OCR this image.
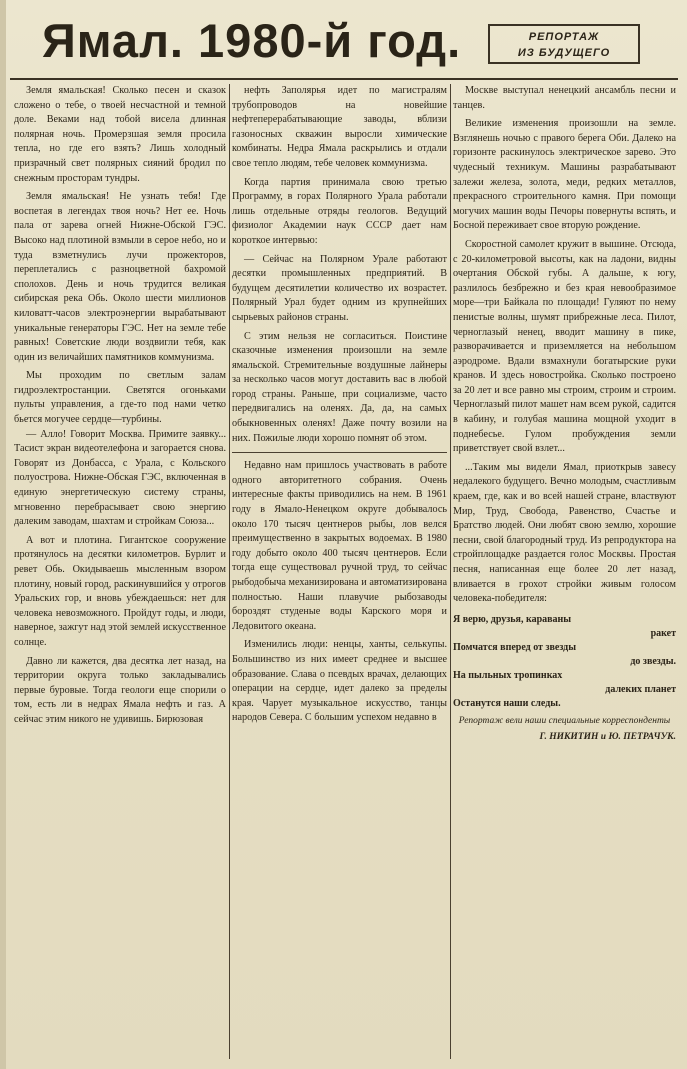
Ямал. 1980-й год.	РЕПОРТАЖ
ИЗ БУДУЩЕГО

Земля ямальская! Сколько песен и сказок сложено о тебе, о твоей несчастной и темной доле. Веками над тобой висела длинная полярная ночь. Промерзшая земля просила тепла, но где его взять? Лишь холодный призрачный свет полярных сияний бродил по снежным просторам тундры.

Земля ямальская! Не узнать тебя! Где воспетая в легендах твоя ночь? Нет ее. Ночь пала от зарева огней Нижне-Обской ГЭС. Высоко над плотиной взмыли в серое небо, но и туда взметнулись лучи прожекторов, переплетались с разноцветной бахромой сполохов. День и ночь трудится великая сибирская река Обь. Около шести миллионов киловатт-часов электроэнергии вырабатывают уникальные генераторы ГЭС. Нет на земле тебе равных! Советские люди воздвигли тебя, как один из величайших памятников коммунизма.

Мы проходим по светлым залам гидроэлектростанции. Светятся огоньками пульты управления, а где-то под нами четко бьется могучее сердце—турбины.

— Алло! Говорит Москва. Примите заявку... Тасист экран видеотелефона и загорается снова. Говорят из Донбасса, с Урала, с Кольского полуострова. Нижне-Обская ГЭС, включенная в единую энергетическую систему страны, мгновенно перебрасывает свою энергию далеким заводам, шахтам и стройкам Союза...

А вот и плотина. Гигантское сооружение протянулось на десятки километров. Бурлит и ревет Обь. Окидываешь мысленным взором плотину, новый город, раскинувшийся у отрогов Уральских гор, и вновь убеждаешься: нет для человека невозможного. Пройдут годы, и люди, наверное, зажгут над этой землей искусственное солнце.

Давно ли кажется, два десятка лет назад, на территории округа только закладывались первые буровые. Тогда геологи еще спорили о том, есть ли в недрах Ямала нефть и газ. А сейчас этим никого не удивишь. Бирюзовая

нефть Заполярья идет по магистралям трубопроводов на новейшие нефтеперерабатывающие заводы, вблизи газоносных скважин выросли химические комбинаты. Недра Ямала раскрылись и отдали свое тепло людям, тебе человек коммунизма.

Когда партия принимала свою третью Программу, в горах Полярного Урала работали лишь отдельные отряды геологов. Ведущий физиолог Академии наук СССР дает нам короткое интервью:

— Сейчас на Полярном Урале работают десятки промышленных предприятий. В будущем десятилетии количество их возрастет. Полярный Урал будет одним из крупнейших сырьевых районов страны.

С этим нельзя не согласиться. Поистине сказочные изменения произошли на земле ямальской. Стремительные воздушные лайнеры за несколько часов могут доставить вас в любой город страны. Раньше, при социализме, часто передвигались на оленях. Да, да, на самых обыкновенных оленях! Даже почту возили на них. Пожилые люди хорошо помнят об этом.

Недавно нам пришлось участвовать в работе одного авторитетного собрания. Очень интересные факты приводились на нем. В 1961 году в Ямало-Ненецком округе добывалось около 170 тысяч центнеров рыбы, лов велся преимущественно в закрытых водоемах. В 1980 году добыто около 400 тысяч центнеров. Если тогда еще существовал ручной труд, то сейчас рыбодобыча механизирована и автоматизирована полностью. Наши плавучие рыбозаводы бороздят студеные воды Карского моря и Ледовитого океана.

Изменились люди: ненцы, ханты, селькупы. Большинство из них имеет среднее и высшее образование. Слава о псевдых врачах, делающих операции на сердце, идет далеко за пределы края. Чарует музыкальное искусство, танцы народов Севера. С большим успехом недавно в

Москве выступал ненецкий ансамбль песни и танцев.

Великие изменения произошли на земле. Взглянешь ночью с правого берега Оби. Далеко на горизонте раскинулось электрическое зарево. Это чудесный техникум. Машины разрабатывают залежи железа, золота, меди, редких металлов, прекрасного строительного камня. При помощи могучих машин воды Печоры повернуты вспять, и Босной переживает свое вторую рождение.

Скоростной самолет кружит в вышине. Отсюда, с 20-километровой высоты, как на ладони, видны очертания Обской губы. А дальше, к югу, разлилось безбрежно и без края невообразимое море—три Байкала по площади! Гуляют по нему пенистые волны, шумят прибрежные леса. Пилот, черноглазый ненец, вводит машину в пике, разворачивается и приземляется на небольшом аэродроме. Вдали взмахнули богатырские руки кранов. И здесь новостройка. Сколько построено за 20 лет и все равно мы строим, строим и строим. Черноглазый пилот машет нам всем рукой, садится в кабину, и голубая машина мощной уходит в поднебесье. Гулом пробуждения земли приветствует свой взлет...

...Таким мы видели Ямал, приоткрыв завесу недалекого будущего. Вечно молодым, счастливым краем, где, как и во всей нашей стране, властвуют Мир, Труд, Свобода, Равенство, Счастье и Братство людей. Они любят свою землю, хорошие песни, свой благородный труд. Из репродуктора на стройплощадке раздается голос Москвы. Простая песня, написанная еще более 20 лет назад, вливается в грохот стройки живым голосом человека-победителя:

Я верю, друзья, караваны
ракет
Помчатся вперед от звезды
до звезды.
На пыльных тропинках
далеких планет
Останутся наши следы.
Репортаж вели наши специальные корреспонденты
Г. НИКИТИН и Ю. ПЕТРАЧУК.
